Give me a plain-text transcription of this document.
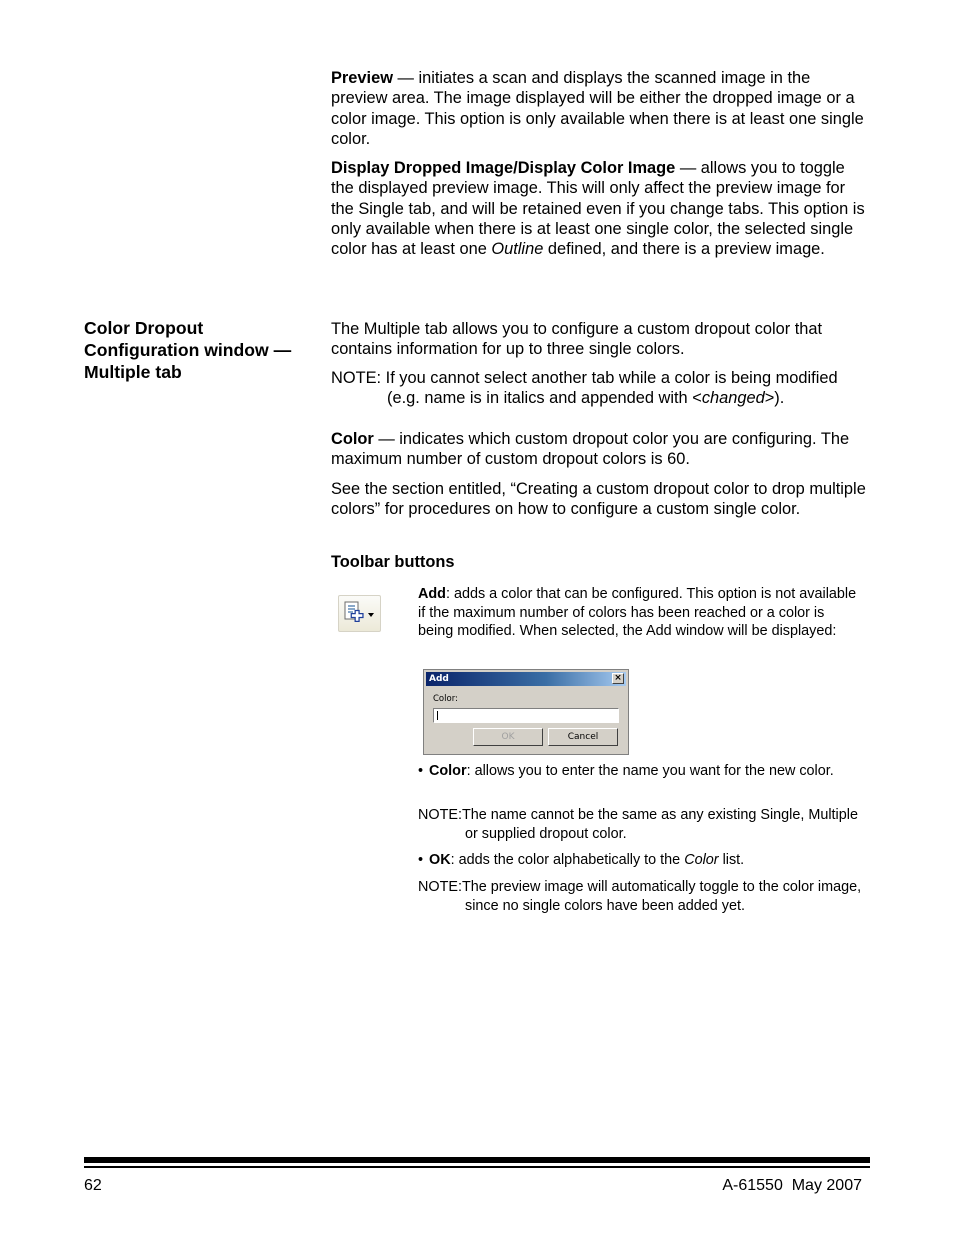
Preview — initiates a scan and displays the scanned image in the preview area. The image displayed will be either the dropped image or a color image. This option is only available when there is at least one single color.

Display Dropped Image/Display Color Image — allows you to toggle the displayed preview image. This will only affect the preview image for the Single tab, and will be retained even if you change tabs. This option is only available when there is at least one single color, the selected single color has at least one Outline defined, and there is a preview image.

Color Dropout Configuration window — Multiple tab

The Multiple tab allows you to configure a custom dropout color that contains information for up to three single colors.

NOTE: If you cannot select another tab while a color is being modified (e.g. name is in italics and appended with <changed>).

Color — indicates which custom dropout color you are configuring. The maximum number of custom dropout colors is 60.

See the section entitled, “Creating a custom dropout color to drop multiple colors” for procedures on how to configure a custom single color.

Toolbar buttons

Add: adds a color that can be configured. This option is not available if the maximum number of colors has been reached or a color is being modified. When selected, the Add window will be displayed:

Add	×
Color:
OK	Cancel

• Color: allows you to enter the name you want for the new color.

NOTE:The name cannot be the same as any existing Single, Multiple or supplied dropout color.

• OK: adds the color alphabetically to the Color list.

NOTE:The preview image will automatically toggle to the color image, since no single colors have been added yet.

62	A-61550  May 2007
